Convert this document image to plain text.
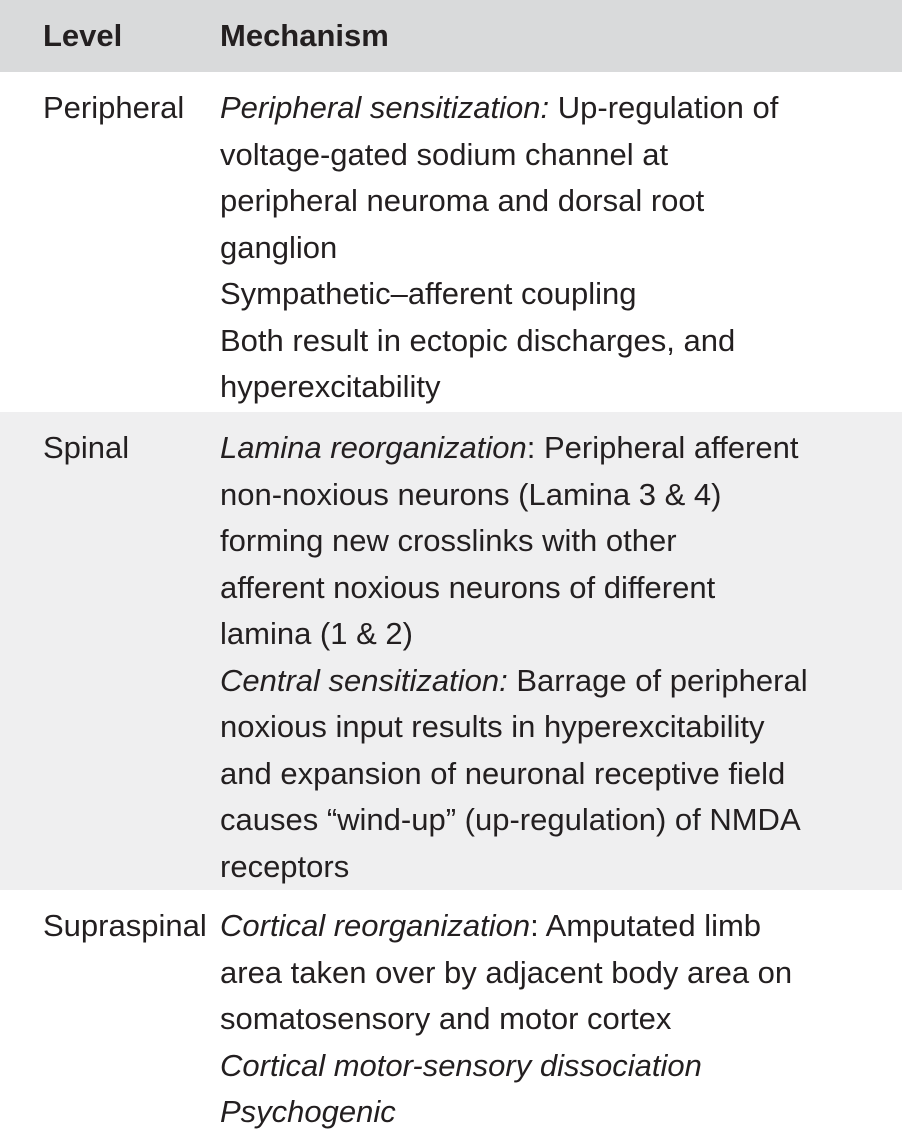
Level	Mechanism
Peripheral	Peripheral sensitization: Up-regulation of
voltage-gated sodium channel at
peripheral neuroma and dorsal root
ganglion
Sympathetic–afferent coupling
Both result in ectopic discharges, and
hyperexcitability
Spinal	Lamina reorganization: Peripheral afferent
non-noxious neurons (Lamina 3 & 4)
forming new crosslinks with other
afferent noxious neurons of different
lamina (1 & 2)
Central sensitization: Barrage of peripheral
noxious input results in hyperexcitability
and expansion of neuronal receptive field
causes “wind-up” (up-regulation) of NMDA
receptors
Supraspinal Cortical reorganization: Amputated limb
area taken over by adjacent body area on
somatosensory and motor cortex
Cortical motor-sensory dissociation
Psychogenic
